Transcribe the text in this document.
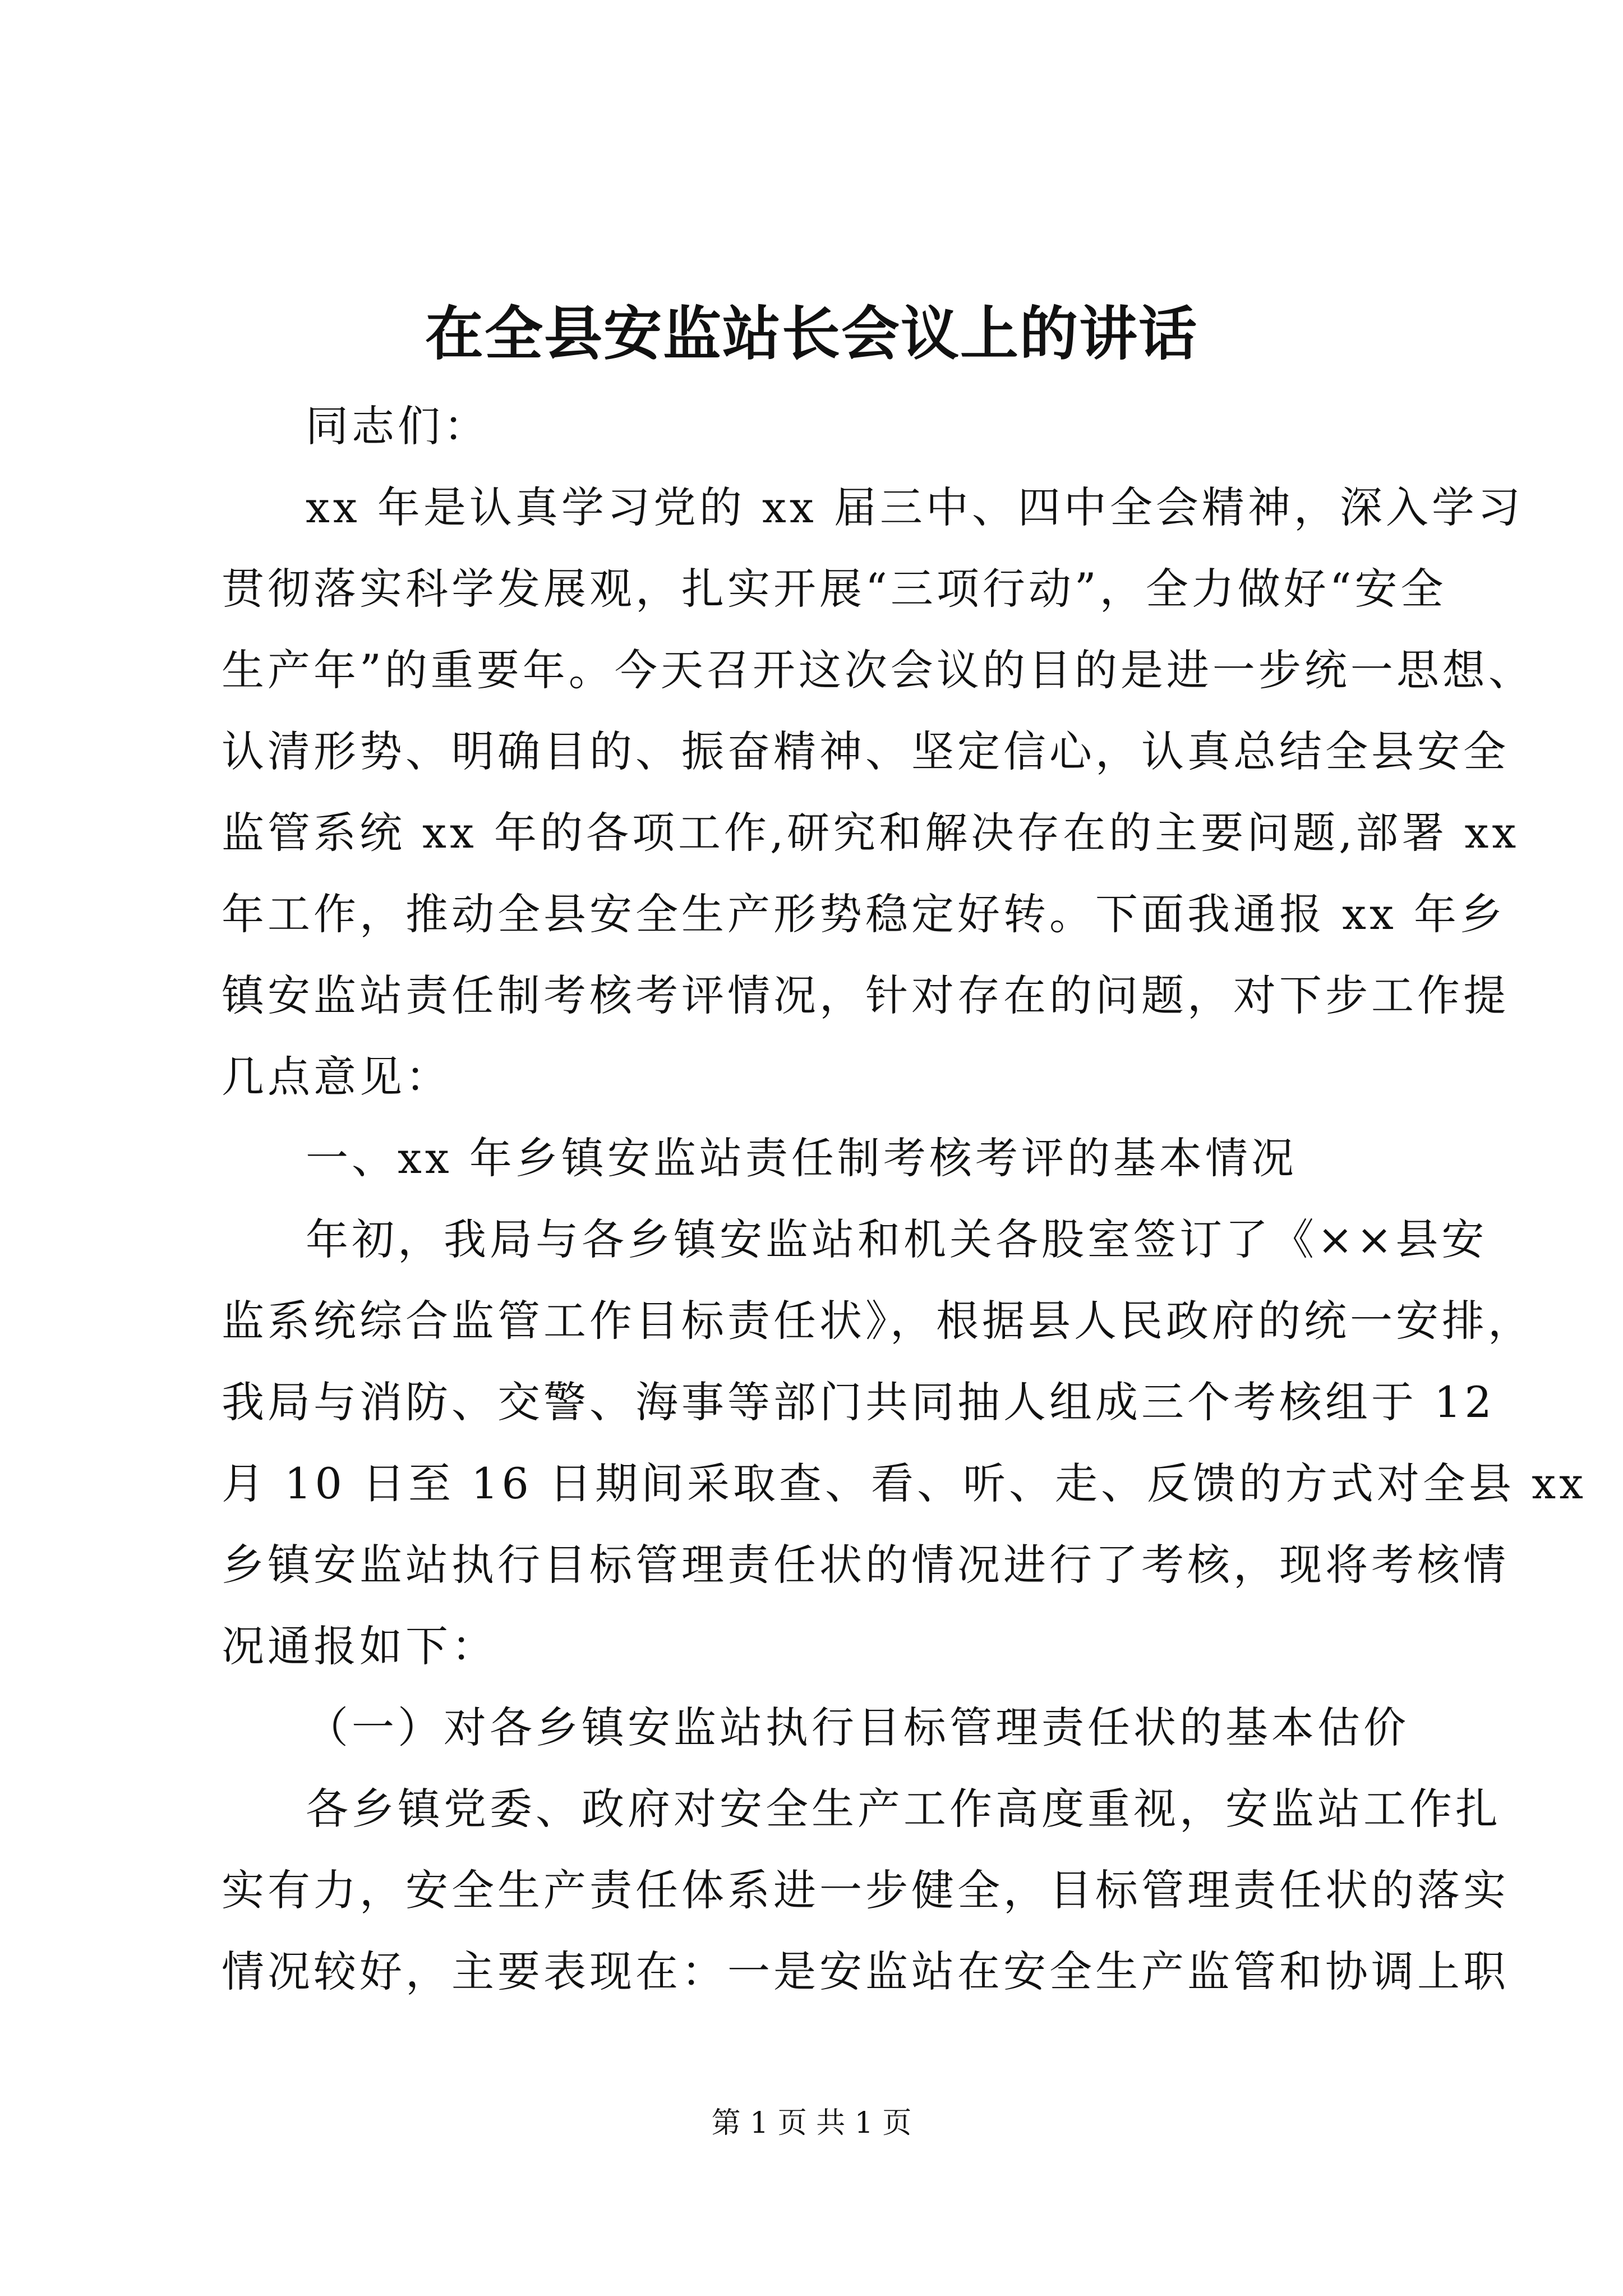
在全县安监站长会议上的讲话

同志们：

xx 年是认真学习党的 xx 届三中、四中全会精神，深入学习

贯彻落实科学发展观，扎实开展“三项行动”，全力做好“安全

生产年”的重要年。今天召开这次会议的目的是进一步统一思想、

认清形势、明确目的、振奋精神、坚定信心，认真总结全县安全

监管系统 xx 年的各项工作,研究和解决存在的主要问题,部署 xx

年工作，推动全县安全生产形势稳定好转。下面我通报 xx 年乡

镇安监站责任制考核考评情况，针对存在的问题，对下步工作提

几点意见：

一、xx 年乡镇安监站责任制考核考评的基本情况

年初，我局与各乡镇安监站和机关各股室签订了《××县安

监系统综合监管工作目标责任状》，根据县人民政府的统一安排，

我局与消防、交警、海事等部门共同抽人组成三个考核组于 12

月 10 日至 16 日期间采取查、看、听、走、反馈的方式对全县 xx

乡镇安监站执行目标管理责任状的情况进行了考核，现将考核情

况通报如下：

（一）对各乡镇安监站执行目标管理责任状的基本估价

各乡镇党委、政府对安全生产工作高度重视，安监站工作扎

实有力，安全生产责任体系进一步健全，目标管理责任状的落实

情况较好，主要表现在：一是安监站在安全生产监管和协调上职

第 1 页 共 1 页
